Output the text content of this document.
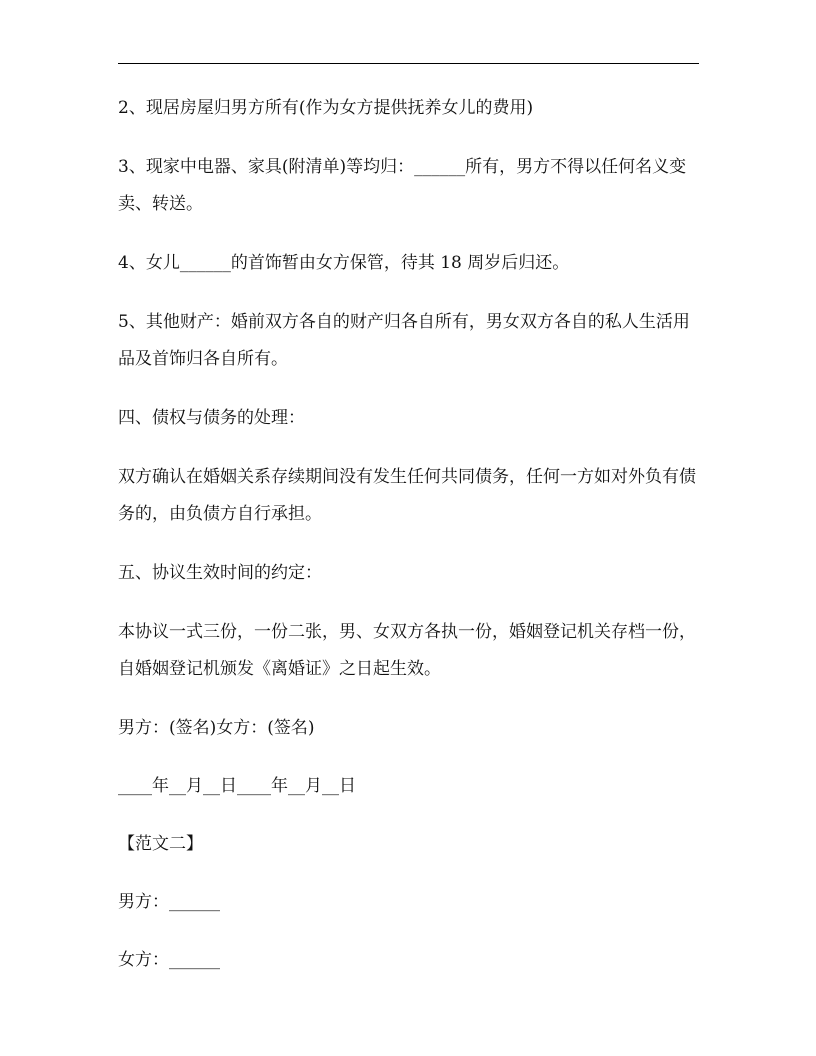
2、现居房屋归男方所有(作为女方提供抚养女儿的费用)

3、现家中电器、家具(附清单)等均归：______所有，男方不得以任何名义变卖、转送。

4、女儿______的首饰暂由女方保管，待其 18 周岁后归还。

5、其他财产：婚前双方各自的财产归各自所有，男女双方各自的私人生活用品及首饰归各自所有。

四、债权与债务的处理：

双方确认在婚姻关系存续期间没有发生任何共同债务，任何一方如对外负有债务的，由负债方自行承担。

五、协议生效时间的约定：

本协议一式三份，一份二张，男、女双方各执一份，婚姻登记机关存档一份，自婚姻登记机颁发《离婚证》之日起生效。

男方：(签名)女方：(签名)

____年__月__日____年__月__日

【范文二】

男方：______

女方：______
